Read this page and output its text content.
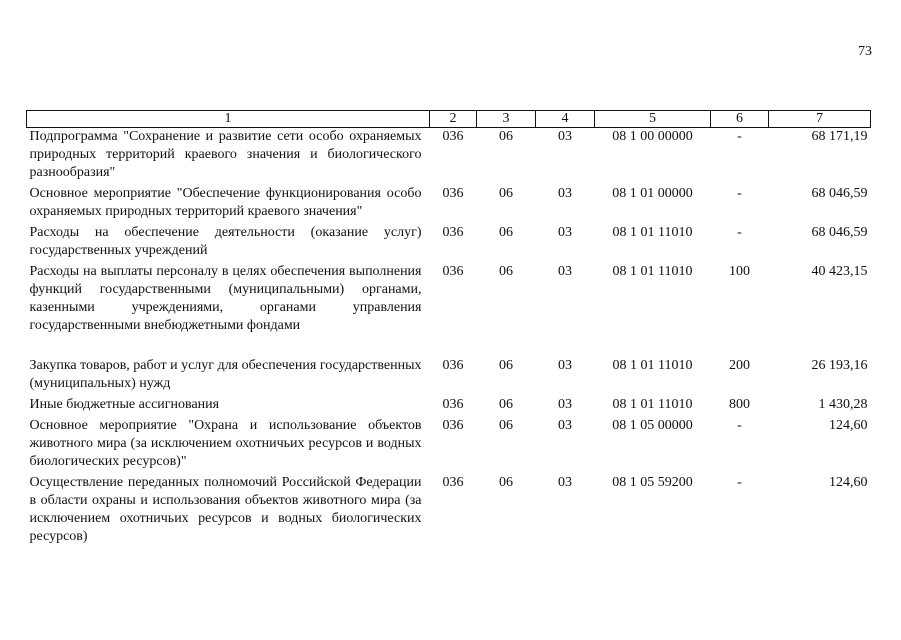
73
1	2	3	4	5	6	7
Подпрограмма "Сохранение и развитие сети особо охраняемых природных территорий краевого значения и биологического разнообразия"	036	06	03	08 1 00 00000	-	68 171,19
Основное мероприятие "Обеспечение функционирования особо охраняемых природных территорий краевого значения"	036	06	03	08 1 01 00000	-	68 046,59
Расходы на обеспечение деятельности (оказание услуг) государственных учреждений	036	06	03	08 1 01 11010	-	68 046,59
Расходы на выплаты персоналу в целях обеспечения выполнения функций государственными (муниципальными) органами, казенными учреждениями, органами управления государственными внебюджетными фондами	036	06	03	08 1 01 11010	100	40 423,15
Закупка товаров, работ и услуг для обеспечения государственных (муниципальных) нужд	036	06	03	08 1 01 11010	200	26 193,16
Иные бюджетные ассигнования	036	06	03	08 1 01 11010	800	1 430,28
Основное мероприятие "Охрана и использование объектов животного мира (за исключением охотничьих ресурсов и водных биологических ресурсов)"	036	06	03	08 1 05 00000	-	124,60
Осуществление переданных полномочий Российской Федерации в области охраны и использования объектов животного мира (за исключением охотничьих ресурсов и водных биологических ресурсов)	036	06	03	08 1 05 59200	-	124,60
